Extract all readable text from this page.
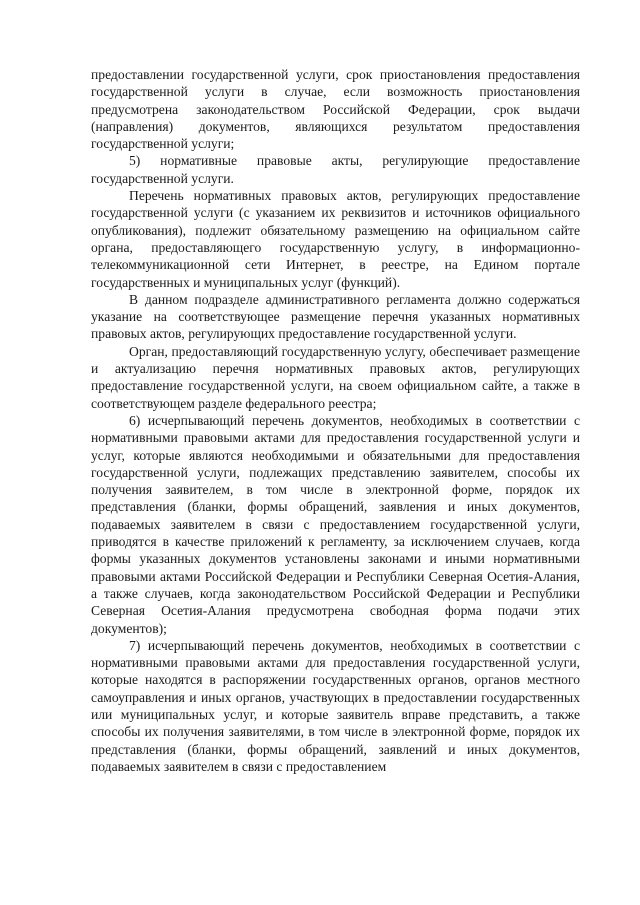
предоставлении государственной услуги, срок приостановления предоставления государственной услуги в случае, если возможность приостановления предусмотрена законодательством Российской Федерации, срок выдачи (направления) документов, являющихся результатом предоставления государственной услуги;

5) нормативные правовые акты, регулирующие предоставление государственной услуги.

Перечень нормативных правовых актов, регулирующих предоставление государственной услуги (с указанием их реквизитов и источников официального опубликования), подлежит обязательному размещению на официальном сайте органа, предоставляющего государственную услугу, в информационно-телекоммуникационной сети Интернет, в реестре, на Едином портале государственных и муниципальных услуг (функций).

В данном подразделе административного регламента должно содержаться указание на соответствующее размещение перечня указанных нормативных правовых актов, регулирующих предоставление государственной услуги.

Орган, предоставляющий государственную услугу, обеспечивает размещение и актуализацию перечня нормативных правовых актов, регулирующих предоставление государственной услуги, на своем официальном сайте, а также в соответствующем разделе федерального реестра;

6) исчерпывающий перечень документов, необходимых в соответствии с нормативными правовыми актами для предоставления государственной услуги и услуг, которые являются необходимыми и обязательными для предоставления государственной услуги, подлежащих представлению заявителем, способы их получения заявителем, в том числе в электронной форме, порядок их представления (бланки, формы обращений, заявления и иных документов, подаваемых заявителем в связи с предоставлением государственной услуги, приводятся в качестве приложений к регламенту, за исключением случаев, когда формы указанных документов установлены законами и иными нормативными правовыми актами Российской Федерации и Республики Северная Осетия-Алания, а также случаев, когда законодательством Российской Федерации и Республики Северная Осетия-Алания предусмотрена свободная форма подачи этих документов);

7) исчерпывающий перечень документов, необходимых в соответствии с нормативными правовыми актами для предоставления государственной услуги, которые находятся в распоряжении государственных органов, органов местного самоуправления и иных органов, участвующих в предоставлении государственных или муниципальных услуг, и которые заявитель вправе представить, а также способы их получения заявителями, в том числе в электронной форме, порядок их представления (бланки, формы обращений, заявлений и иных документов, подаваемых заявителем в связи с предоставлением
